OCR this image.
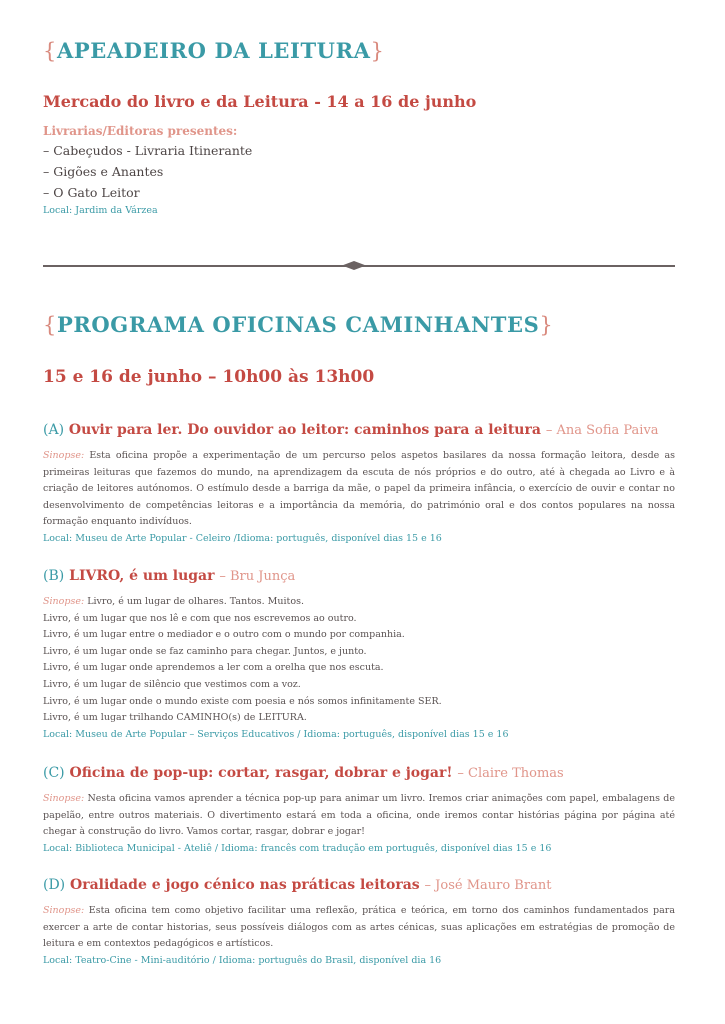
{APEADEIRO DA LEITURA}
Mercado do livro e da Leitura - 14 a 16 de junho
Livrarias/Editoras presentes:
– Cabeçudos - Livraria Itinerante
– Gigões e Anantes
– O Gato Leitor
Local: Jardim da Várzea
{PROGRAMA OFICINAS CAMINHANTES}
15 e 16 de junho – 10h00 às 13h00
(A) Ouvir para ler. Do ouvidor ao leitor: caminhos para a leitura – Ana Sofia Paiva
Sinopse: Esta oficina propõe a experimentação de um percurso pelos aspetos basilares da nossa formação leitora, desde as primeiras leituras que fazemos do mundo, na aprendizagem da escuta de nós próprios e do outro, até à chegada ao Livro e à criação de leitores autónomos. O estímulo desde a barriga da mãe, o papel da primeira infância, o exercício de ouvir e contar no desenvolvimento de competências leitoras e a importância da memória, do património oral e dos contos populares na nossa formação enquanto indivíduos.

Local: Museu de Arte Popular - Celeiro /Idioma: português, disponível dias 15 e 16

(B) LIVRO, é um lugar – Bru Junça

Sinopse: Livro, é um lugar de olhares. Tantos. Muitos.

Livro, é um lugar que nos lê e com que nos escrevemos ao outro.

Livro, é um lugar entre o mediador e o outro com o mundo por companhia.

Livro, é um lugar onde se faz caminho para chegar. Juntos, e junto.

Livro, é um lugar onde aprendemos a ler com a orelha que nos escuta.

Livro, é um lugar de silêncio que vestimos com a voz.

Livro, é um lugar onde o mundo existe com poesia e nós somos infinitamente SER.

Livro, é um lugar trilhando CAMINHO(s) de LEITURA.

Local: Museu de Arte Popular – Serviços Educativos / Idioma: português, disponível dias 15 e 16

(C) Oficina de pop-up: cortar, rasgar, dobrar e jogar! – Claire Thomas
Sinopse: Nesta oficina vamos aprender a técnica pop-up para animar um livro. Iremos criar animações com papel, embalagens de papelão, entre outros materiais. O divertimento estará em toda a oficina, onde iremos contar histórias página por página até chegar à construção do livro. Vamos cortar, rasgar, dobrar e jogar!

Local: Biblioteca Municipal - Ateliê / Idioma: francês com tradução em português, disponível dias 15 e 16

(D) Oralidade e jogo cénico nas práticas leitoras – José Mauro Brant
Sinopse: Esta oficina tem como objetivo facilitar uma reflexão, prática e teórica, em torno dos caminhos fundamentados para exercer a arte de contar historias, seus possíveis diálogos com as artes cénicas, suas aplicações em estratégias de promoção de leitura e em contextos pedagógicos e artísticos.

Local: Teatro-Cine - Mini-auditório / Idioma: português do Brasil, disponível dia 16
